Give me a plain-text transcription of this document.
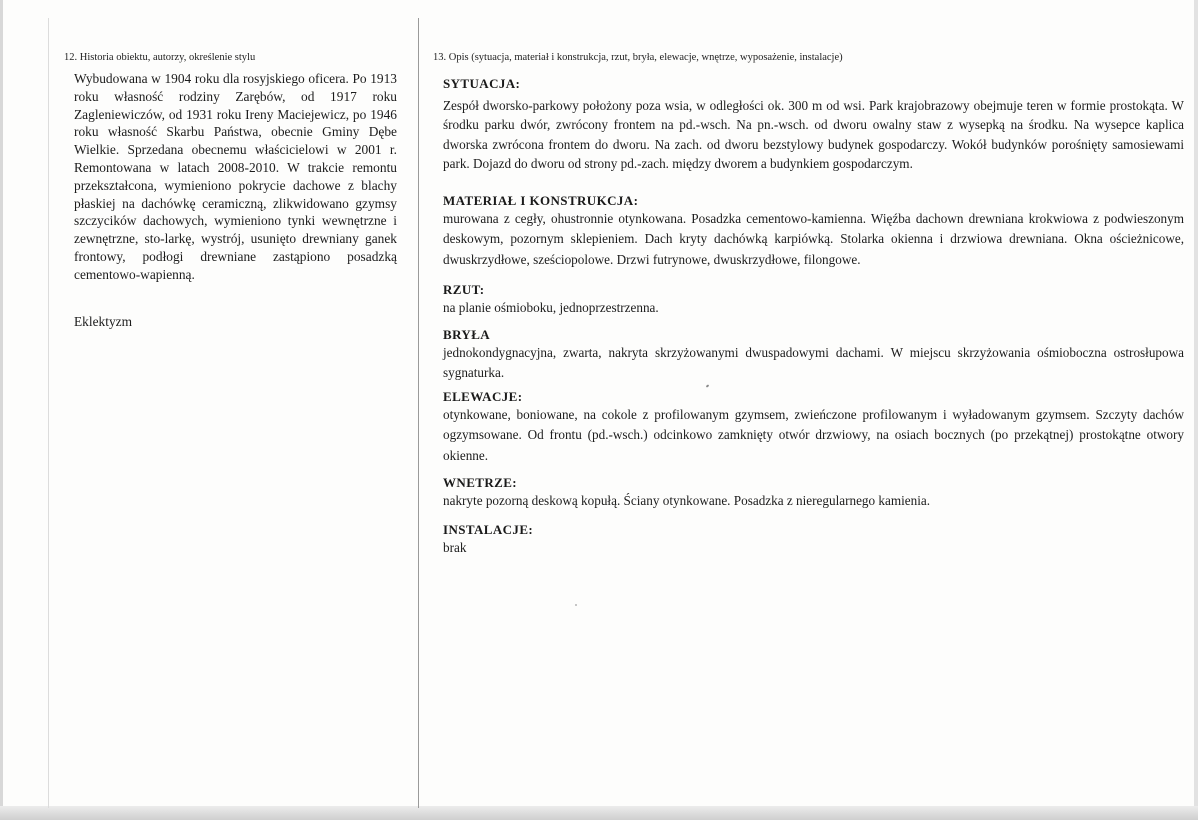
12. Historia obiektu, autorzy, określenie stylu
Wybudowana w 1904 roku dla rosyjskiego oficera. Po 1913 roku własność rodziny Zarębów, od 1917 roku Zagleniewiczów, od 1931 roku Ireny Maciejewicz, po 1946 roku własność Skarbu Państwa, obecnie Gminy Dębe Wielkie. Sprzedana obecnemu właścicielowi w 2001 r. Remontowana w latach 2008-2010. W trakcie remontu przekształcona, wymieniono pokrycie dachowe z blachy płaskiej na dachówkę ceramiczną, zlikwidowano gzymsy szczycików dachowych, wymieniono tynki wewnętrzne i zewnętrzne, sto-larkę, wystrój, usunięto drewniany ganek frontowy, podłogi drewniane zastąpiono posadzką cementowo-wapienną.
Eklektyzm
13. Opis (sytuacja, materiał i konstrukcja, rzut, bryła, elewacje, wnętrze, wyposażenie, instalacje)
SYTUACJA:
Zespół dworsko-parkowy położony poza wsia, w odległości ok. 300 m od wsi. Park krajobrazowy obejmuje teren w formie prostokąta. W środku parku dwór, zwrócony frontem na pd.-wsch. Na pn.-wsch. od dworu owalny staw z wysepką na środku. Na wysepce kaplica dworska zwrócona frontem do dworu. Na zach. od dworu bezstylowy budynek gospodarczy. Wokół budynków porośnięty samosiewami park. Dojazd do dworu od strony pd.-zach. między dworem a budynkiem gospodarczym.
MATERIAŁ I KONSTRUKCJA:
murowana z cegły, ohustronnie otynkowana. Posadzka cementowo-kamienna. Więźba dachown drewniana krokwiowa z podwieszonym deskowym, pozornym sklepieniem. Dach kryty dachówką karpiówką. Stolarka okienna i drzwiowa drewniana. Okna ościeżnicowe, dwuskrzydłowe, sześciopolowe. Drzwi futrynowe, dwuskrzydłowe, filongowe.
RZUT:
na planie ośmioboku, jednoprzestrzenna.
BRYŁA
jednokondygnacyjna, zwarta, nakryta skrzyżowanymi dwuspadowymi dachami. W miejscu skrzyżowania ośmioboczna ostrosłupowa sygnaturka.
ELEWACJE:
otynkowane, boniowane, na cokole z profilowanym gzymsem, zwieńczone profilowanym i wyładowanym gzymsem. Szczyty dachów ogzymsowane. Od frontu (pd.-wsch.) odcinkowo zamknięty otwór drzwiowy, na osiach bocznych (po przekątnej) prostokątne otwory okienne.
WNETRZE:
nakryte pozorną deskową kopułą. Ściany otynkowane. Posadzka z nieregularnego kamienia.
INSTALACJE:
brak
